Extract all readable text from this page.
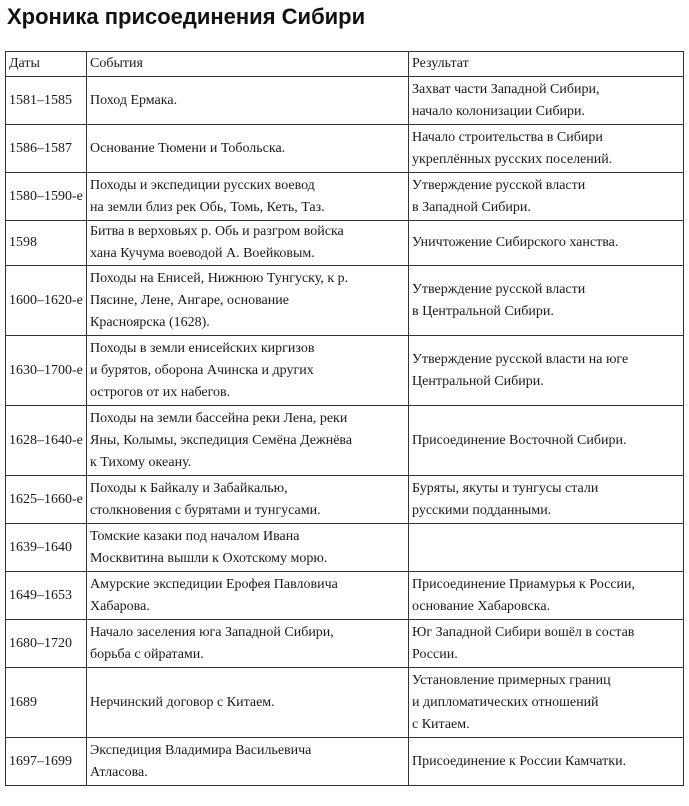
Хроника присоединения Сибири
Даты	События	Результат
1581–1585	Поход Ермака.	Захват части Западной Сибири,
начало колонизации Сибири.
1586–1587	Основание Тюмени и Тобольска.	Начало строительства в Сибири
укреплённых русских поселений.
1580–1590-е	Походы и экспедиции русских воевод
на земли близ рек Обь, Томь, Кеть, Таз.	Утверждение русской власти
в Западной Сибири.
1598	Битва в верховьях р. Обь и разгром войска
хана Кучума воеводой А. Воейковым.	Уничтожение Сибирского ханства.
1600–1620-е	Походы на Енисей, Нижнюю Тунгуску, к р.
Пясине, Лене, Ангаре, основание
Красноярска (1628).	Утверждение русской власти
в Центральной Сибири.
1630–1700-е	Походы в земли енисейских киргизов
и бурятов, оборона Ачинска и других
острогов от их набегов.	Утверждение русской власти на юге
Центральной Сибири.
1628–1640-е	Походы на земли бассейна реки Лена, реки
Яны, Колымы, экспедиция Семёна Дежнёва
к Тихому океану.	Присоединение Восточной Сибири.
1625–1660-е	Походы к Байкалу и Забайкалью,
столкновения с бурятами и тунгусами.	Буряты, якуты и тунгусы стали
русскими подданными.
1639–1640	Томские казаки под началом Ивана
Москвитина вышли к Охотскому морю.	
1649–1653	Амурские экспедиции Ерофея Павловича
Хабарова.	Присоединение Приамурья к России,
основание Хабаровска.
1680–1720	Начало заселения юга Западной Сибири,
борьба с ойратами.	Юг Западной Сибири вошёл в состав
России.
1689	Нерчинский договор с Китаем.	Установление примерных границ
и дипломатических отношений
с Китаем.
1697–1699	Экспедиция Владимира Васильевича
Атласова.	Присоединение к России Камчатки.
